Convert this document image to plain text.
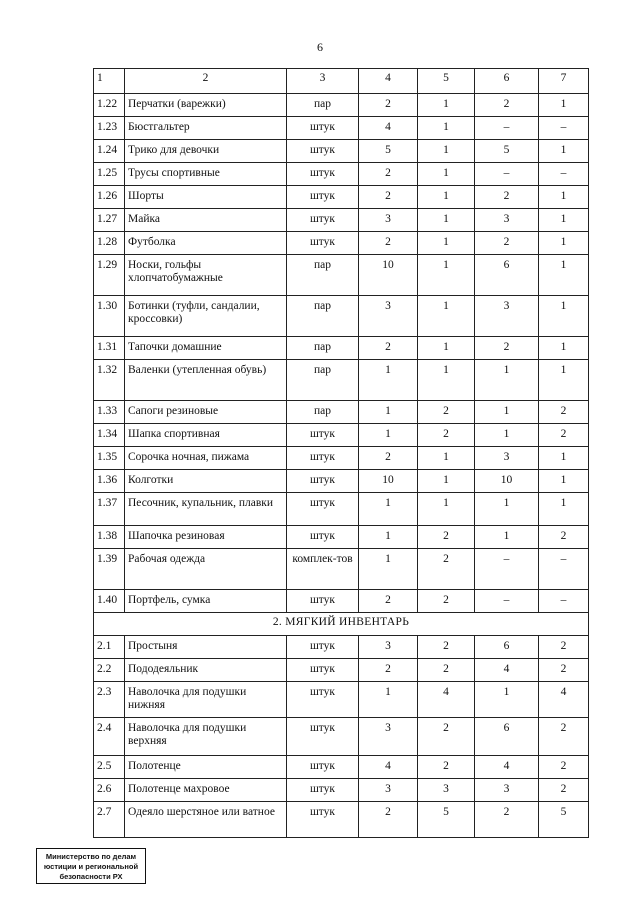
6
1	2	3	4	5	6	7
1.22	Перчатки (варежки)	пар	2	1	2	1
1.23	Бюстгальтер	штук	4	1	–	–
1.24	Трико для девочки	штук	5	1	5	1
1.25	Трусы спортивные	штук	2	1	–	–
1.26	Шорты	штук	2	1	2	1
1.27	Майка	штук	3	1	3	1
1.28	Футболка	штук	2	1	2	1
1.29	Носки, гольфы хлопчатобумажные	пар	10	1	6	1
1.30	Ботинки (туфли, сандалии, кроссовки)	пар	3	1	3	1
1.31	Тапочки домашние	пар	2	1	2	1
1.32	Валенки (утепленная обувь)	пар	1	1	1	1
1.33	Сапоги резиновые	пар	1	2	1	2
1.34	Шапка спортивная	штук	1	2	1	2
1.35	Сорочка ночная, пижама	штук	2	1	3	1
1.36	Колготки	штук	10	1	10	1
1.37	Песочник, купальник, плавки	штук	1	1	1	1
1.38	Шапочка резиновая	штук	1	2	1	2
1.39	Рабочая одежда	комплек-тов	1	2	–	–
1.40	Портфель, сумка	штук	2	2	–	–
2. МЯГКИЙ ИНВЕНТАРЬ						
2.1	Простыня	штук	3	2	6	2
2.2	Пододеяльник	штук	2	2	4	2
2.3	Наволочка для подушки нижняя	штук	1	4	1	4
2.4	Наволочка для подушки верхняя	штук	3	2	6	2
2.5	Полотенце	штук	4	2	4	2
2.6	Полотенце махровое	штук	3	3	3	2
2.7	Одеяло шерстяное или ватное	штук	2	5	2	5
Министерство по делам
юстиции и региональной
безопасности РХ
